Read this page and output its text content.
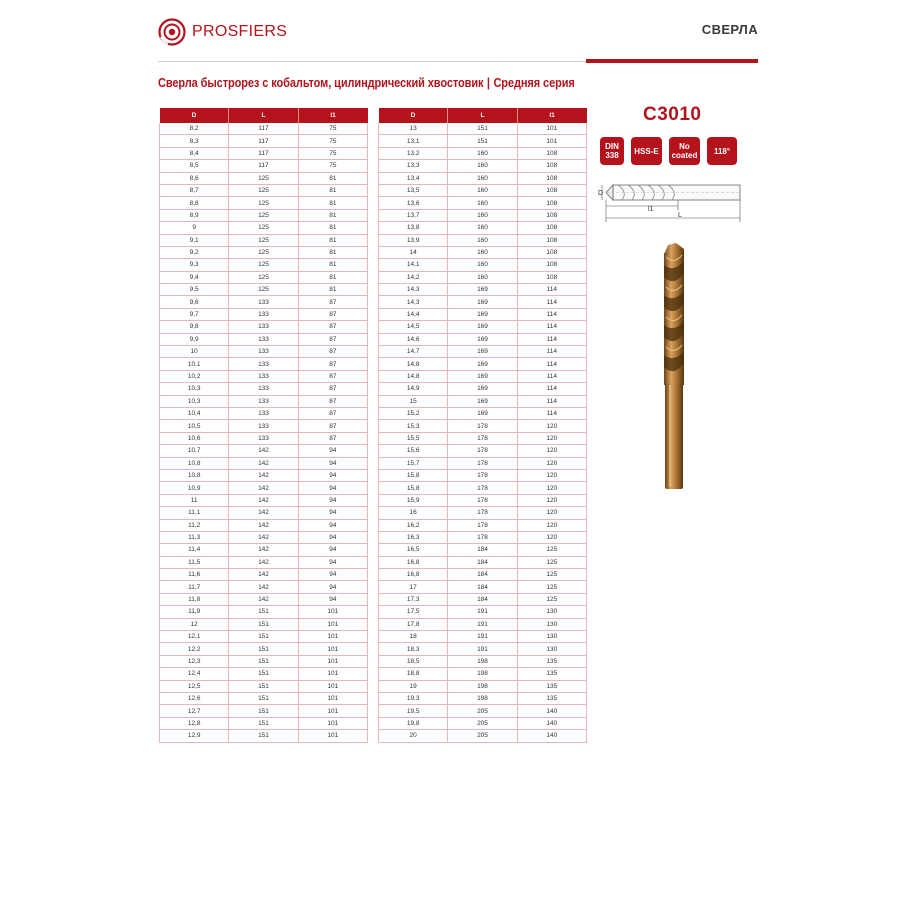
PROSFIERS	СВЕРЛА
Сверла быстрорез с кобальтом, цилиндрический хвостовик | Средняя серия
D	L	l1
8,2	117	75
8,3	117	75
8,4	117	75
8,5	117	75
8,6	125	81
8,7	125	81
8,8	125	81
8,9	125	81
9	125	81
9,1	125	81
9,2	125	81
9,3	125	81
9,4	125	81
9,5	125	81
9,6	133	87
9,7	133	87
9,8	133	87
9,9	133	87
10	133	87
10,1	133	87
10,2	133	87
10,3	133	87
10,3	133	87
10,4	133	87
10,5	133	87
10,6	133	87
10,7	142	94
10,8	142	94
10,8	142	94
10,9	142	94
11	142	94
11,1	142	94
11,2	142	94
11,3	142	94
11,4	142	94
11,5	142	94
11,6	142	94
11,7	142	94
11,8	142	94
11,9	151	101
12	151	101
12,1	151	101
12,2	151	101
12,3	151	101
12,4	151	101
12,5	151	101
12,6	151	101
12,7	151	101
12,8	151	101
12,9	151	101
D	L	l1
13	151	101
13,1	151	101
13,2	160	108
13,3	160	108
13,4	160	108
13,5	160	108
13,6	160	108
13,7	160	108
13,8	160	108
13,9	160	108
14	160	108
14,1	160	108
14,2	160	108
14,3	169	114
14,3	169	114
14,4	169	114
14,5	169	114
14,6	169	114
14,7	169	114
14,8	169	114
14,8	169	114
14,9	169	114
15	169	114
15,2	169	114
15,3	178	120
15,5	178	120
15,6	178	120
15,7	178	120
15,8	178	120
15,8	178	120
15,9	178	120
16	178	120
16,2	178	120
16,3	178	120
16,5	184	125
16,8	184	125
16,8	184	125
17	184	125
17,3	184	125
17,5	191	130
17,8	191	130
18	191	130
18,3	191	130
18,5	198	135
18,8	198	135
19	198	135
19,3	198	135
19,5	205	140
19,8	205	140
20	205	140
C3010
DIN
338 HSS-E	No
coated 118°
D
l1
L
